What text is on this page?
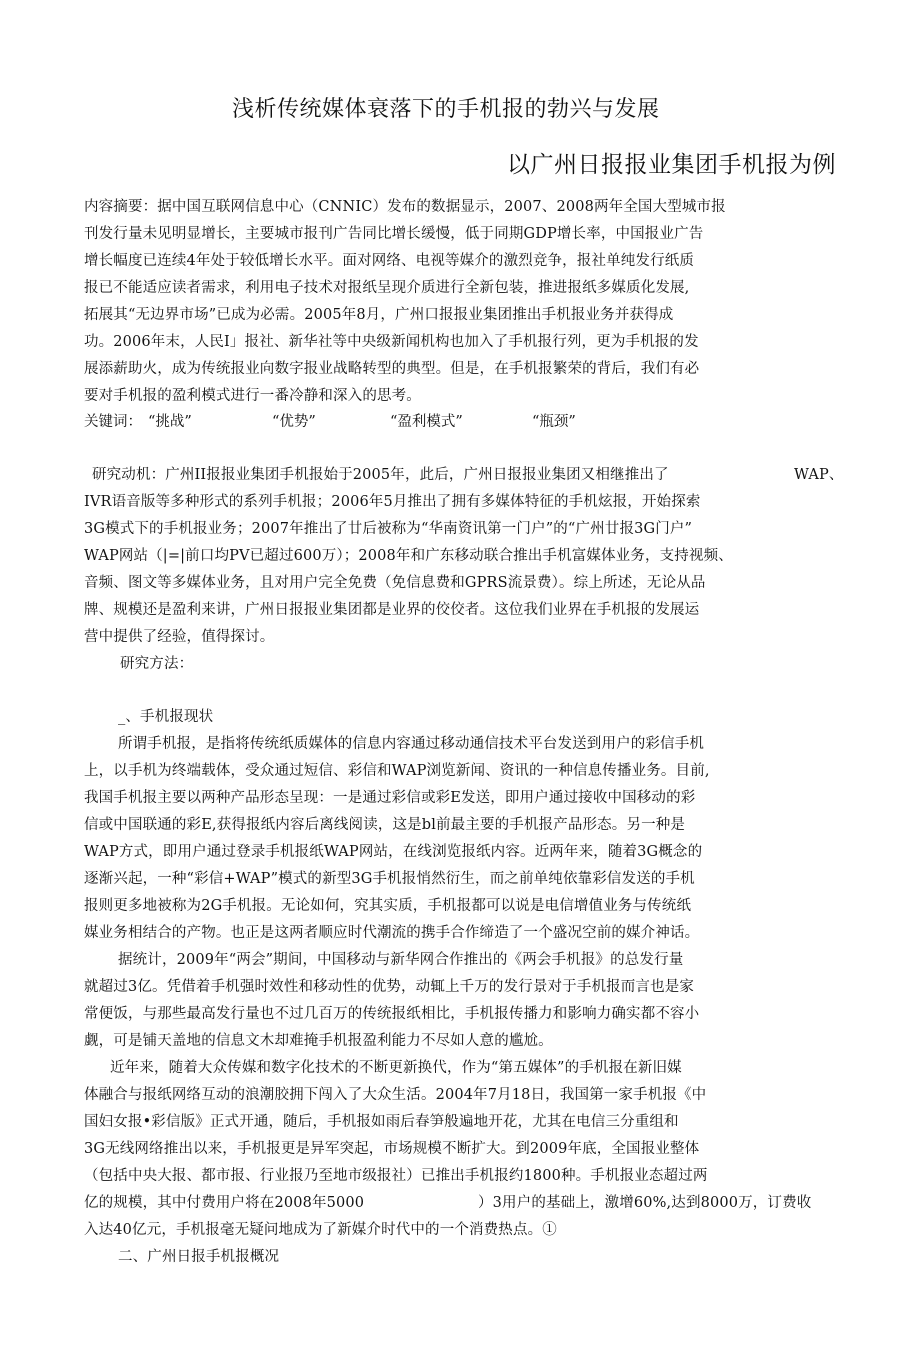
浅析传统媒体衰落下的手机报的勃兴与发展
以广州日报报业集团手机报为例
内容摘要：据中国互联网信息中心（CNNIC）发布的数据显示，2007、2008两年全国大型城市报
刊发行量未见明显增长，主要城市报刊广告同比增长缓慢，低于同期GDP增长率，中国报业广告
增长幅度已连续4年处于较低增长水平。面对网络、电视等媒介的激烈竞争，报社单纯发行纸质
报已不能适应读者需求，利用电子技术对报纸呈现介质进行全新包装，推进报纸多媒质化发展,
拓展其“无边界市场”已成为必需。2005年8月，广州口报报业集团推出手机报业务并获得成
功。2006年末，人民I」报社、新华社等中央级新闻机构也加入了手机报行列，更为手机报的发
展添薪助火，成为传统报业向数字报业战略转型的典型。但是，在手机报繁荣的背后，我们有必
要对手机报的盈利模式进行一番冷静和深入的思考。
关键词： “挑战”	“优势”	“盈利模式”	“瓶颈”
研究动机：广州II报报业集团手机报始于2005年，此后，广州日报报业集团又相继推出了	WAP、
IVR语音版等多种形式的系列手机报；2006年5月推出了拥有多媒体特征的手机炫报，开始探索
3G模式下的手机报业务；2007年推出了廿后被称为“华南资讯第一门户”的“广州廿报3G门户”
WAP网站（|=|前口均PV已超过600万）；2008年和广东移动联合推出手机富媒体业务，支持视频、
音频、图文等多媒体业务，且对用户完全免费（免信息费和GPRS流景费）。综上所述，无论从品
牌、规模还是盈利来讲，广州日报报业集团都是业界的佼佼者。这位我们业界在手机报的发展运
营中提供了经验，值得探讨。
研究方法：
_、手机报现状
所谓手机报，是指将传统纸质媒体的信息内容通过移动通信技术平台发送到用户的彩信手机
上，以手机为终端载体，受众通过短信、彩信和WAP浏览新闻、资讯的一种信息传播业务。目前,
我国手机报主要以两种产品形态呈现：一是通过彩信或彩E发送，即用户通过接收中国移动的彩
信或中国联通的彩E,获得报纸内容后离线阅读，这是bl前最主要的手机报产品形态。另一种是
WAP方式，即用户通过登录手机报纸WAP网站，在线浏览报纸内容。近两年来，随着3G概念的
逐渐兴起，一种“彩信+WAP”模式的新型3G手机报悄然衍生，而之前单纯依靠彩信发送的手机
报则更多地被称为2G手机报。无论如何，究其实质，手机报都可以说是电信增值业务与传统纸
媒业务相结合的产物。也正是这两者顺应时代潮流的携手合作缔造了一个盛况空前的媒介神话。
据统计，2009年“两会”期间，中国移动与新华网合作推出的《两会手机报》的总发行量
就超过3亿。凭借着手机强时效性和移动性的优势，动辄上千万的发行景对于手机报而言也是家
常便饭，与那些最高发行量也不过几百万的传统报纸相比，手机报传播力和影响力确实都不容小
觑，可是铺天盖地的信息文木却难掩手机报盈利能力不尽如人意的尴尬。
近年来，随着大众传媒和数字化技术的不断更新换代，作为“第五媒体”的手机报在新旧媒
体融合与报纸网络互动的浪潮胶拥下闯入了大众生活。2004年7月18日，我国第一家手机报《中
国妇女报•彩信版》正式开通，随后，手机报如雨后春笋般遍地开花，尤其在电信三分重组和
3G无线网络推出以来，手机报更是异军突起，市场规模不断扩大。到2009年底，全国报业整体
（包括中央大报、都市报、行业报乃至地市级报社）已推出手机报约1800种。手机报业态超过两
亿的规模，其中付费用户将在2008年5000	）3用户的基础上，激增60%,达到8000万，订费收
入达40亿元，手机报毫无疑问地成为了新媒介时代中的一个消费热点。①
二、广州日报手机报概况
